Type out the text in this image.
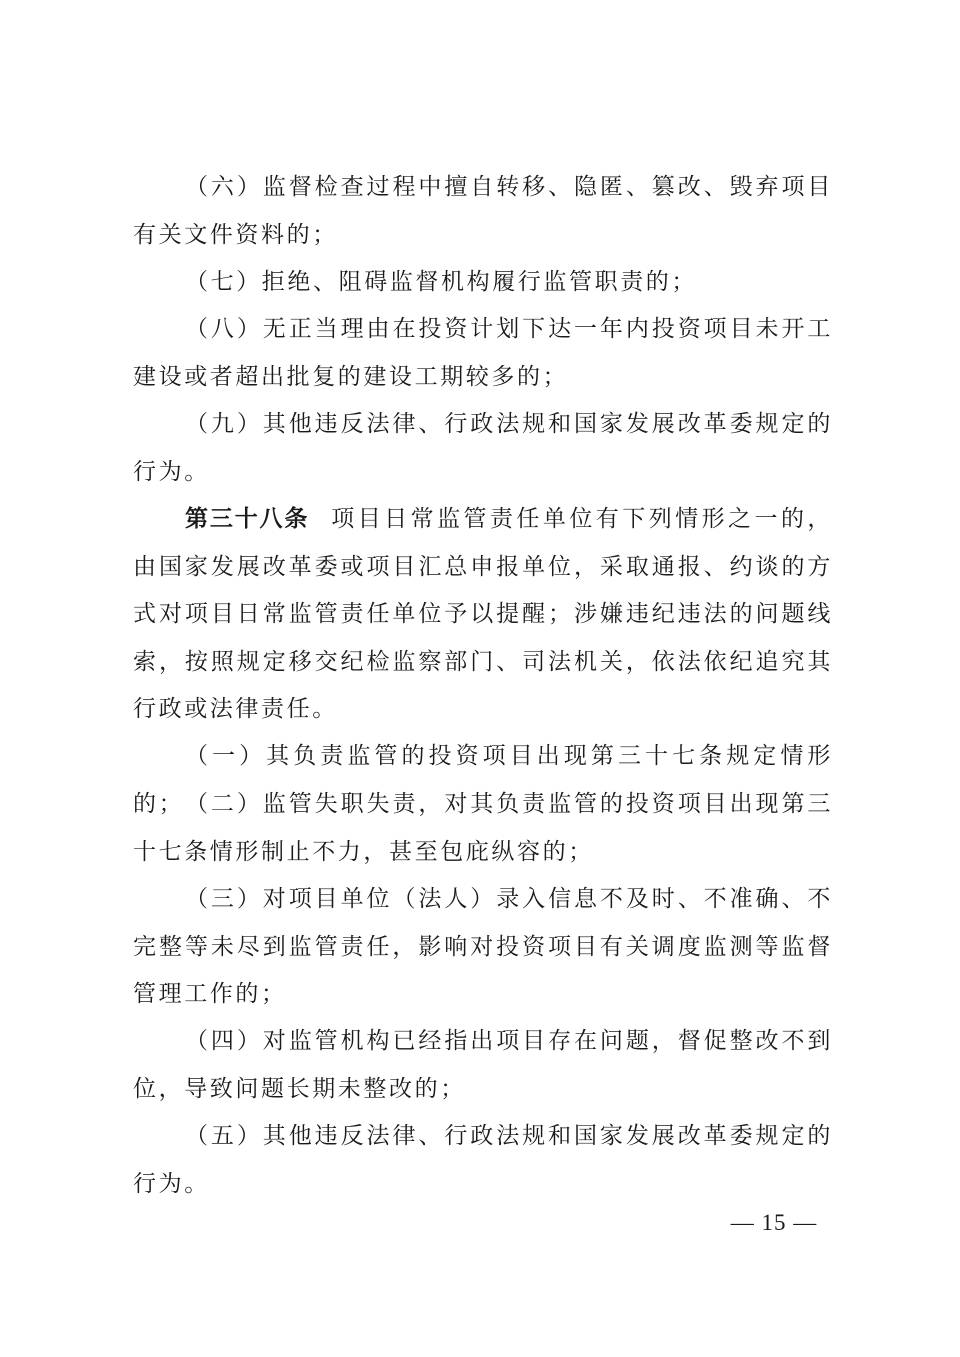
（六）监督检查过程中擅自转移、隐匿、篡改、毁弃项目有关文件资料的；

（七）拒绝、阻碍监督机构履行监管职责的；

（八）无正当理由在投资计划下达一年内投资项目未开工建设或者超出批复的建设工期较多的；

（九）其他违反法律、行政法规和国家发展改革委规定的行为。

第三十八条 项目日常监管责任单位有下列情形之一的，由国家发展改革委或项目汇总申报单位，采取通报、约谈的方式对项目日常监管责任单位予以提醒；涉嫌违纪违法的问题线索，按照规定移交纪检监察部门、司法机关，依法依纪追究其行政或法律责任。

（一）其负责监管的投资项目出现第三十七条规定情形的； （二）监管失职失责，对其负责监管的投资项目出现第三十七条情形制止不力，甚至包庇纵容的；

（三）对项目单位（法人）录入信息不及时、不准确、不完整等未尽到监管责任，影响对投资项目有关调度监测等监督管理工作的；

（四）对监管机构已经指出项目存在问题，督促整改不到位，导致问题长期未整改的；

（五）其他违反法律、行政法规和国家发展改革委规定的行为。

— 15 —
